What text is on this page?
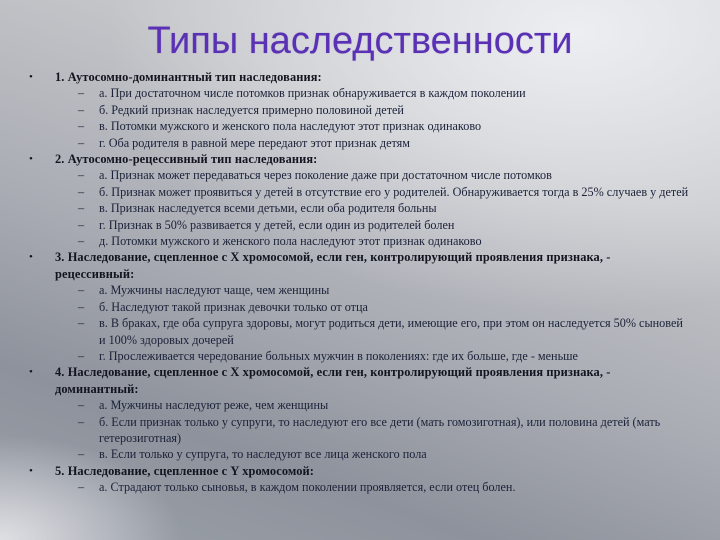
Типы наследственности
•	1. Аутосомно-доминантный тип наследования:
–	а. При достаточном числе потомков признак обнаруживается в каждом поколении
–	б. Редкий признак наследуется примерно половиной детей
–	в. Потомки мужского и женского пола наследуют этот признак одинаково
–	г. Оба родителя в равной мере передают этот признак детям
•	2. Аутосомно-рецессивный тип наследования:
–	а. Признак может передаваться через поколение даже при достаточном числе потомков
–	б. Признак может проявиться у детей в отсутствие его у родителей. Обнаруживается тогда в 25% случаев у детей
–	в. Признак наследуется всеми детьми, если оба родителя больны
–	г. Признак в 50% развивается у детей, если один из родителей болен
–	д. Потомки мужского и женского пола наследуют этот признак одинаково
•	3. Наследование, сцепленное с X хромосомой, если ген, контролирующий проявления признака, - рецессивный:
–	а. Мужчины наследуют чаще, чем женщины
–	б. Наследуют такой признак девочки только от отца
–	в. В браках, где оба супруга здоровы, могут родиться дети, имеющие его, при этом он наследуется 50% сыновей и 100% здоровых дочерей
–	г. Прослеживается чередование больных мужчин в поколениях: где их больше, где - меньше
•	4. Наследование, сцепленное с X хромосомой, если ген, контролирующий проявления признака, - доминантный:
–	а. Мужчины наследуют реже, чем женщины
–	б. Если признак только у супруги, то наследуют его все дети (мать гомозиготная), или половина детей (мать гетерозиготная)
–	в. Если только у супруга, то наследуют все лица женского пола
•	5. Наследование, сцепленное с Y хромосомой:
–	а. Страдают только сыновья, в каждом поколении проявляется, если отец болен.
